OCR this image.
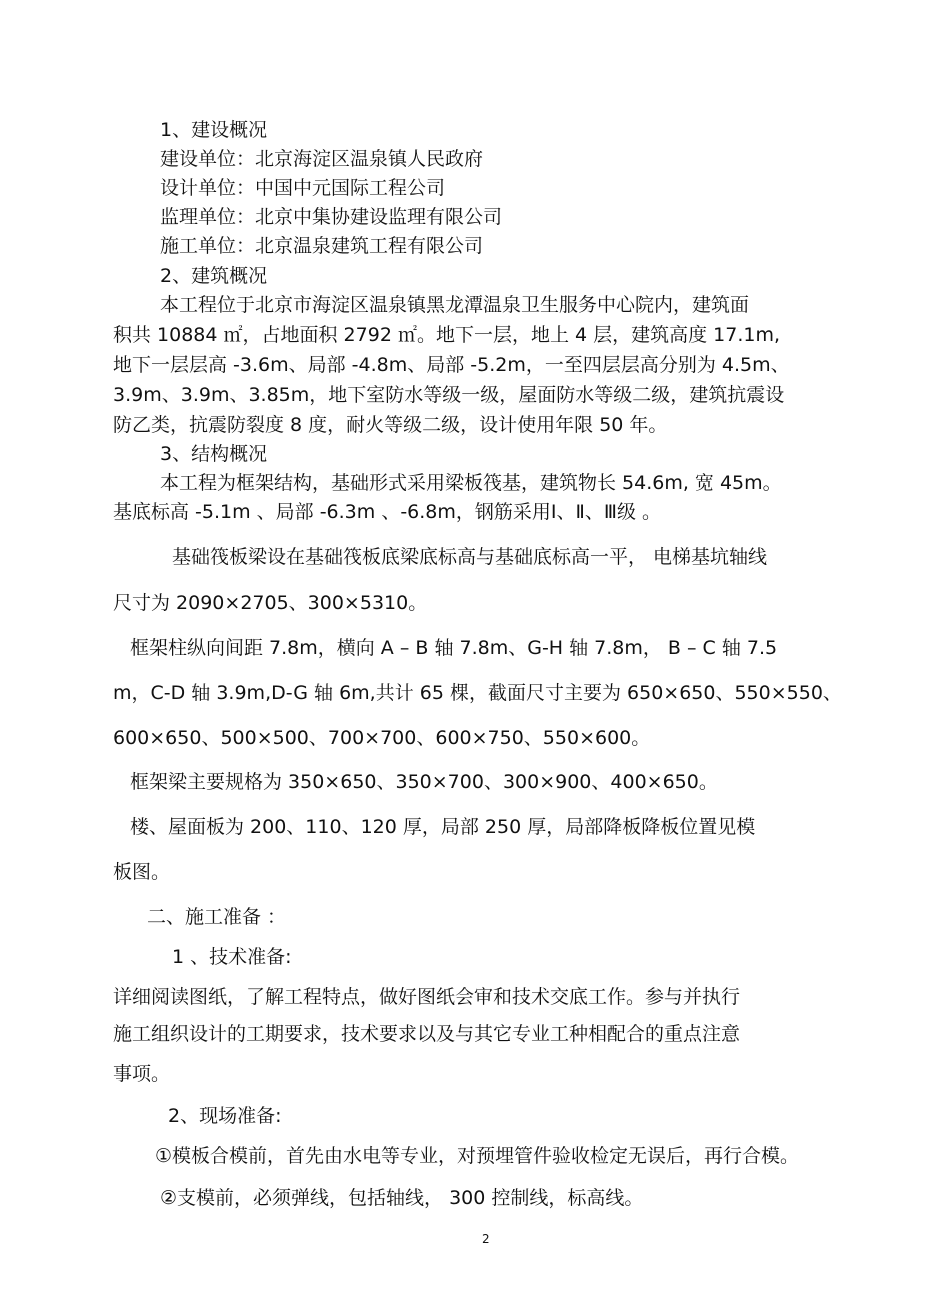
1、建设概况
建设单位：北京海淀区温泉镇人民政府
设计单位：中国中元国际工程公司
监理单位：北京中集协建设监理有限公司
施工单位：北京温泉建筑工程有限公司
2、建筑概况
本工程位于北京市海淀区温泉镇黑龙潭温泉卫生服务中心院内，建筑面
积共 10884 ㎡，占地面积 2792 ㎡。地下一层，地上 4 层，建筑高度 17.1m,
地下一层层高 -3.6m、局部 -4.8m、局部 -5.2m，一至四层层高分别为 4.5m、
3.9m、3.9m、3.85m，地下室防水等级一级，屋面防水等级二级，建筑抗震设
防乙类，抗震防裂度 8 度，耐火等级二级，设计使用年限 50 年。
3、结构概况
本工程为框架结构，基础形式采用梁板筏基，建筑物长 54.6m, 宽 45m。
基底标高 -5.1m 、局部 -6.3m 、-6.8m，钢筋采用Ⅰ、Ⅱ、Ⅲ级 。
基础筏板梁设在基础筏板底梁底标高与基础底标高一平， 电梯基坑轴线
尺寸为 2090×2705、300×5310。
框架柱纵向间距 7.8m，横向 A – B 轴 7.8m、G-H 轴 7.8m， B – C 轴 7.5
m，C-D 轴 3.9m,D-G 轴 6m,共计 65 棵，截面尺寸主要为 650×650、550×550、
600×650、500×500、700×700、600×750、550×600。
框架梁主要规格为 350×650、350×700、300×900、400×650。
楼、屋面板为 200、110、120 厚，局部 250 厚，局部降板降板位置见模
板图。
二、施工准备 ：
1 、技术准备:
详细阅读图纸，了解工程特点，做好图纸会审和技术交底工作。参与并执行
施工组织设计的工期要求，技术要求以及与其它专业工种相配合的重点注意
事项。
2、现场准备:
①模板合模前，首先由水电等专业，对预埋管件验收检定无误后，再行合模。
②支模前，必须弹线，包括轴线， 300 控制线，标高线。
2
